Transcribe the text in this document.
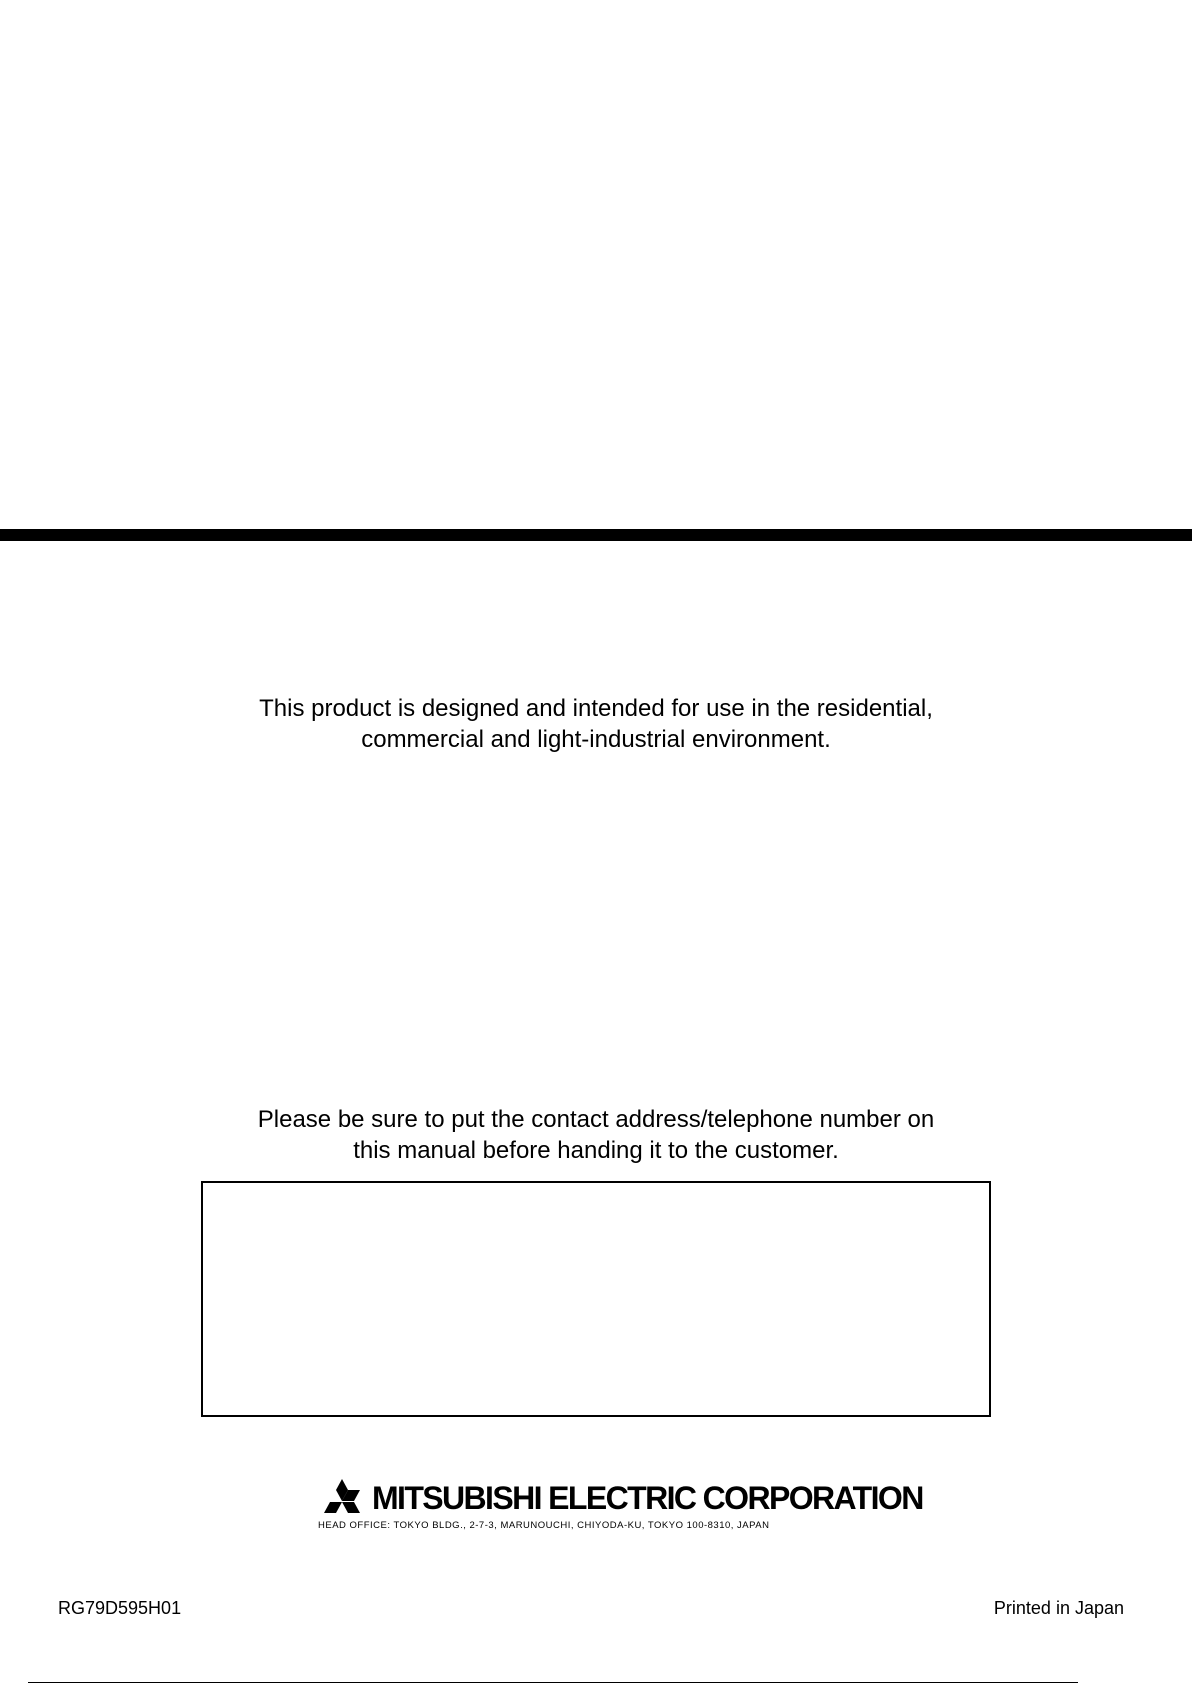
This product is designed and intended for use in the residential,
commercial and light-industrial environment.
Please be sure to put the contact address/telephone number on
this manual before handing it to the customer.
MITSUBISHI ELECTRIC CORPORATION
HEAD OFFICE: TOKYO BLDG., 2-7-3, MARUNOUCHI, CHIYODA-KU, TOKYO 100-8310, JAPAN
RG79D595H01	Printed in Japan
